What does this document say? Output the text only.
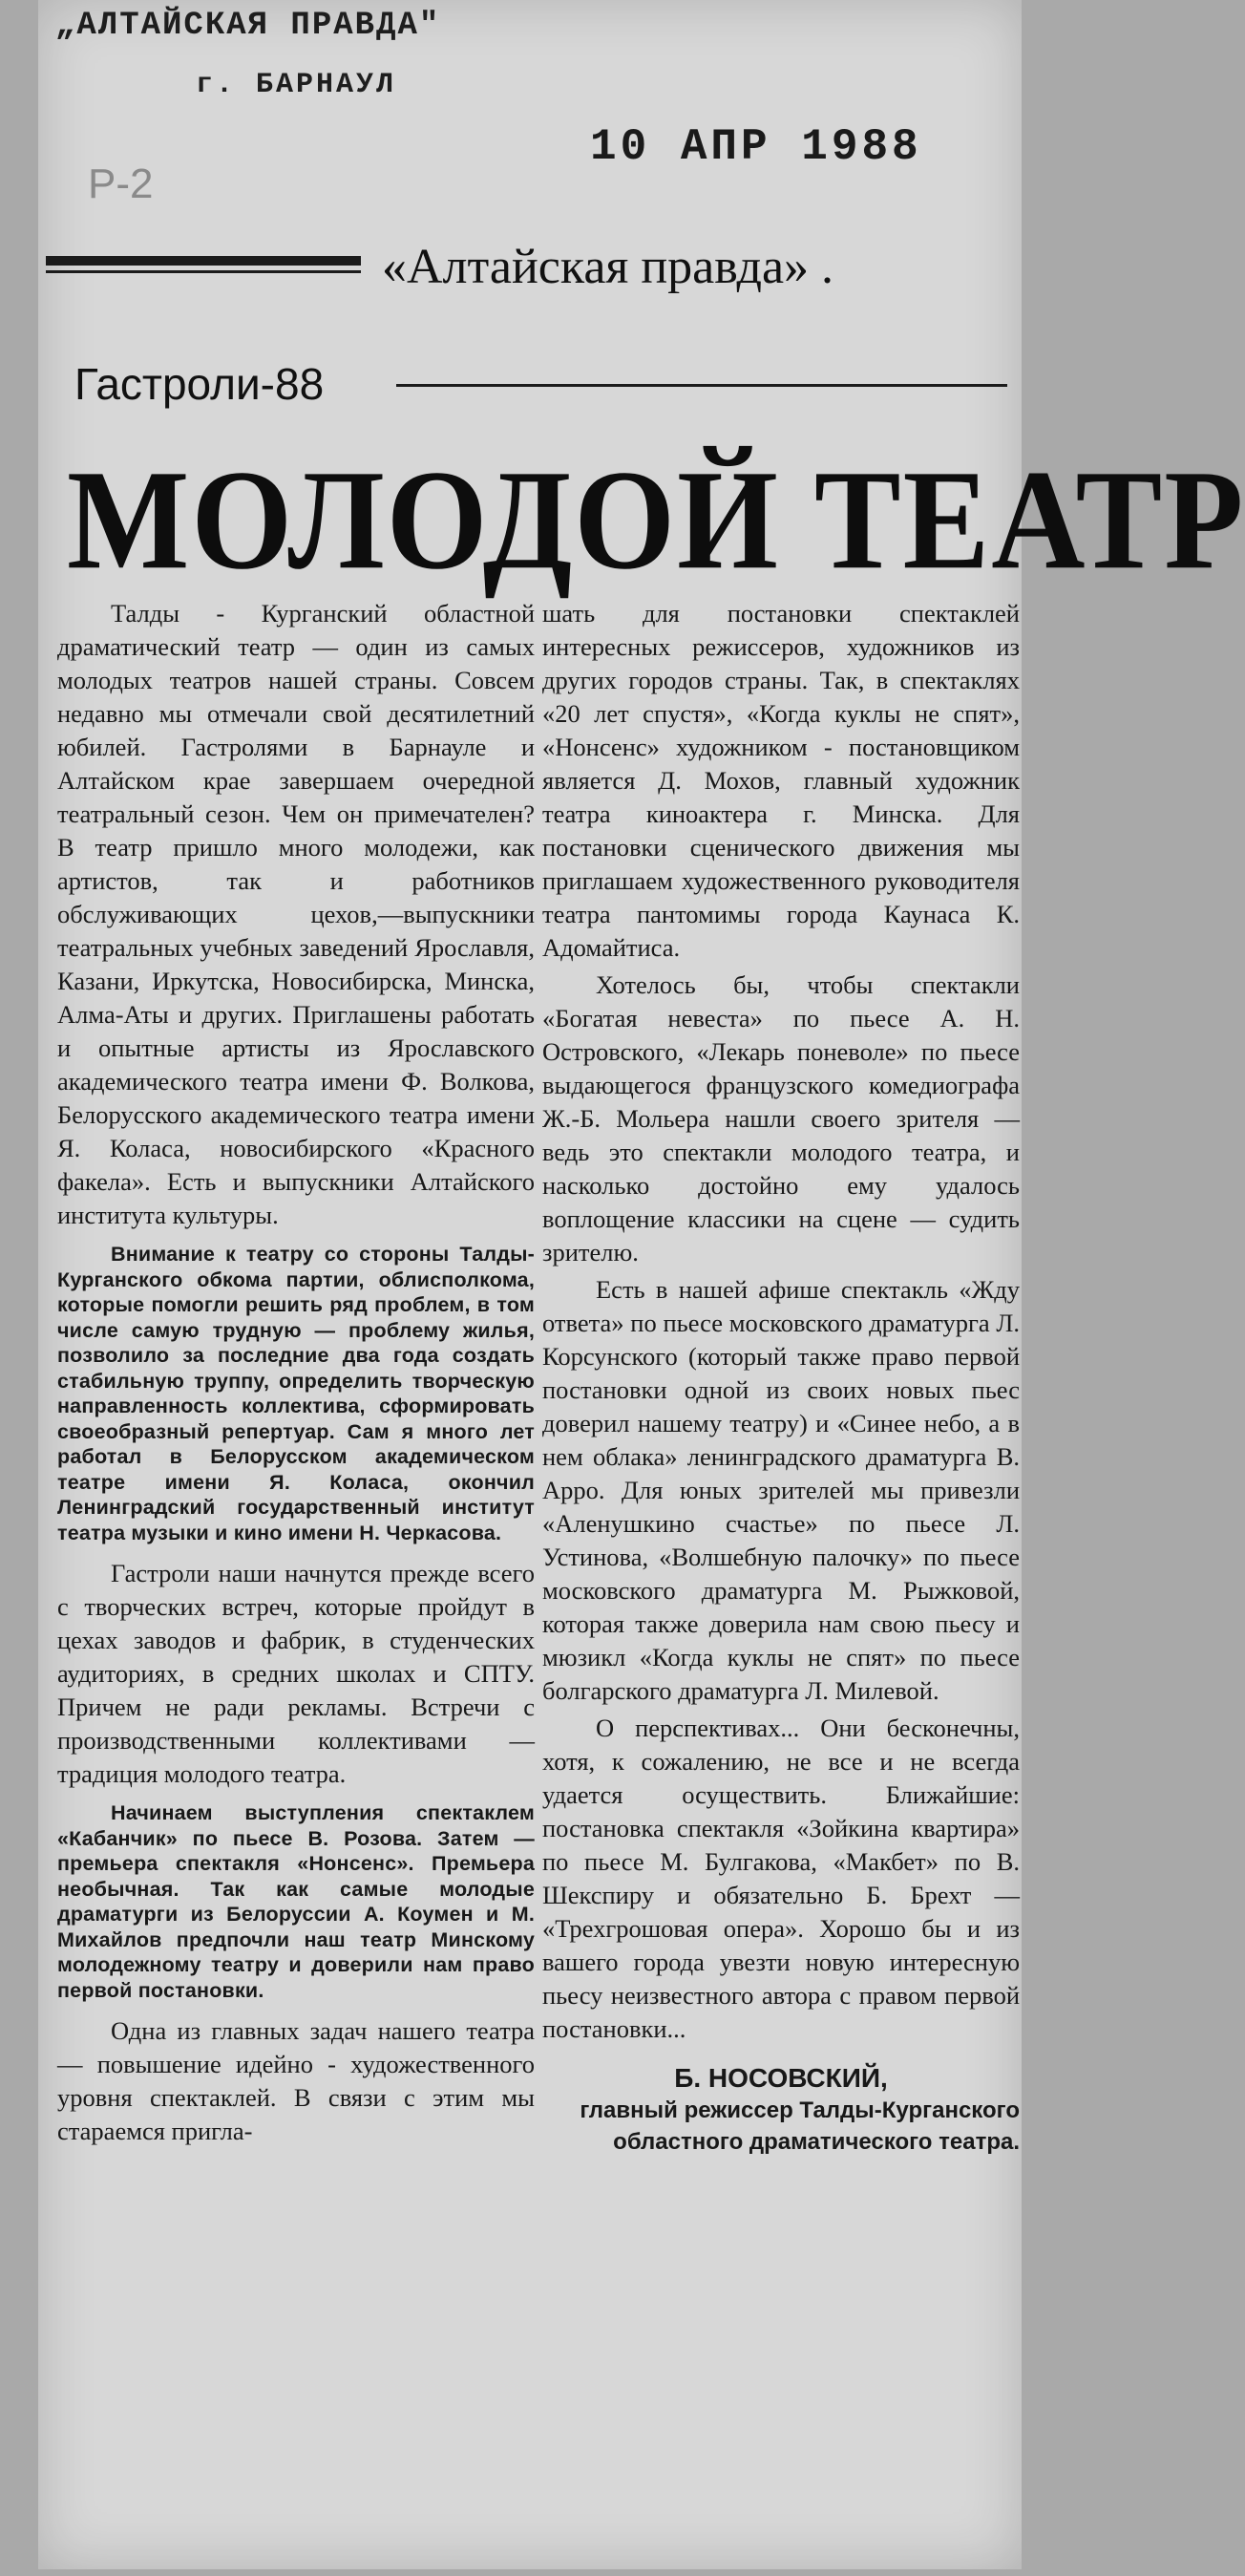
„АЛТАЙСКАЯ ПРАВДА"
г. БАРНАУЛ
10 АПР 1988
Р-2
«Алтайская правда» .
Гастроли-88
МОЛОДОЙ ТЕАТР

Талды - Курганский областной драматический театр — один из самых молодых театров нашей страны. Совсем недавно мы отмечали свой десятилетний юбилей. Гастролями в Барнауле и Алтайском крае завершаем очередной театральный сезон. Чем он примечателен? В театр пришло много молодежи, как артистов, так и работников обслуживающих цехов,—выпускники театральных учебных заведений Ярославля, Казани, Иркутска, Новосибирска, Минска, Алма-Аты и других. Приглашены работать и опытные артисты из Ярославского академического театра имени Ф. Волкова, Белорусского академического театра имени Я. Коласа, новосибирского «Красного факела». Есть и выпускники Алтайского института культуры.

Внимание к театру со стороны Талды-Курганского обкома партии, облисполкома, которые помогли решить ряд проблем, в том числе самую трудную — проблему жилья, позволило за последние два года создать стабильную труппу, определить творческую направленность коллектива, сформировать своеобразный репертуар. Сам я много лет работал в Белорусском академическом театре имени Я. Коласа, окончил Ленинградский государственный институт театра музыки и кино имени Н. Черкасова.

Гастроли наши начнутся прежде всего с творческих встреч, которые пройдут в цехах заводов и фабрик, в студенческих аудиториях, в средних школах и СПТУ. Причем не ради рекламы. Встречи с производственными коллективами — традиция молодого театра.

Начинаем выступления спектаклем «Кабанчик» по пьесе В. Розова. Затем — премьера спектакля «Нонсенс». Премьера необычная. Так как самые молодые драматурги из Белоруссии А. Коумен и М. Михайлов предпочли наш театр Минскому молодежному театру и доверили нам право первой постановки.

Одна из главных задач нашего театра — повышение идейно - художественного уровня спектаклей. В связи с этим мы стараемся пригла-

шать для постановки спектаклей интересных режиссеров, художников из других городов страны. Так, в спектаклях «20 лет спустя», «Когда куклы не спят», «Нонсенс» художником - постановщиком является Д. Мохов, главный художник театра киноактера г. Минска. Для постановки сценического движения мы приглашаем художественного руководителя театра пантомимы города Каунаса К. Адомайтиса.

Хотелось бы, чтобы спектакли «Богатая невеста» по пьесе А. Н. Островского, «Лекарь поневоле» по пьесе выдающегося французского комедиографа Ж.-Б. Мольера нашли своего зрителя — ведь это спектакли молодого театра, и насколько достойно ему удалось воплощение классики на сцене — судить зрителю.

Есть в нашей афише спектакль «Жду ответа» по пьесе московского драматурга Л. Корсунского (который также право первой постановки одной из своих новых пьес доверил нашему театру) и «Синее небо, а в нем облака» ленинградского драматурга В. Арро. Для юных зрителей мы привезли «Аленушкино счастье» по пьесе Л. Устинова, «Волшебную палочку» по пьесе московского драматурга М. Рыжковой, которая также доверила нам свою пьесу и мюзикл «Когда куклы не спят» по пьесе болгарского драматурга Л. Милевой.

О перспективах... Они бесконечны, хотя, к сожалению, не все и не всегда удается осуществить. Ближайшие: постановка спектакля «Зойкина квартира» по пьесе М. Булгакова, «Макбет» по В. Шекспиру и обязательно Б. Брехт — «Трехгрошовая опера». Хорошо бы и из вашего города увезти новую интересную пьесу неизвестного автора с правом первой постановки...

Б. НОСОВСКИЙ,

главный режиссер Талды-Курганского областного драматического театра.
